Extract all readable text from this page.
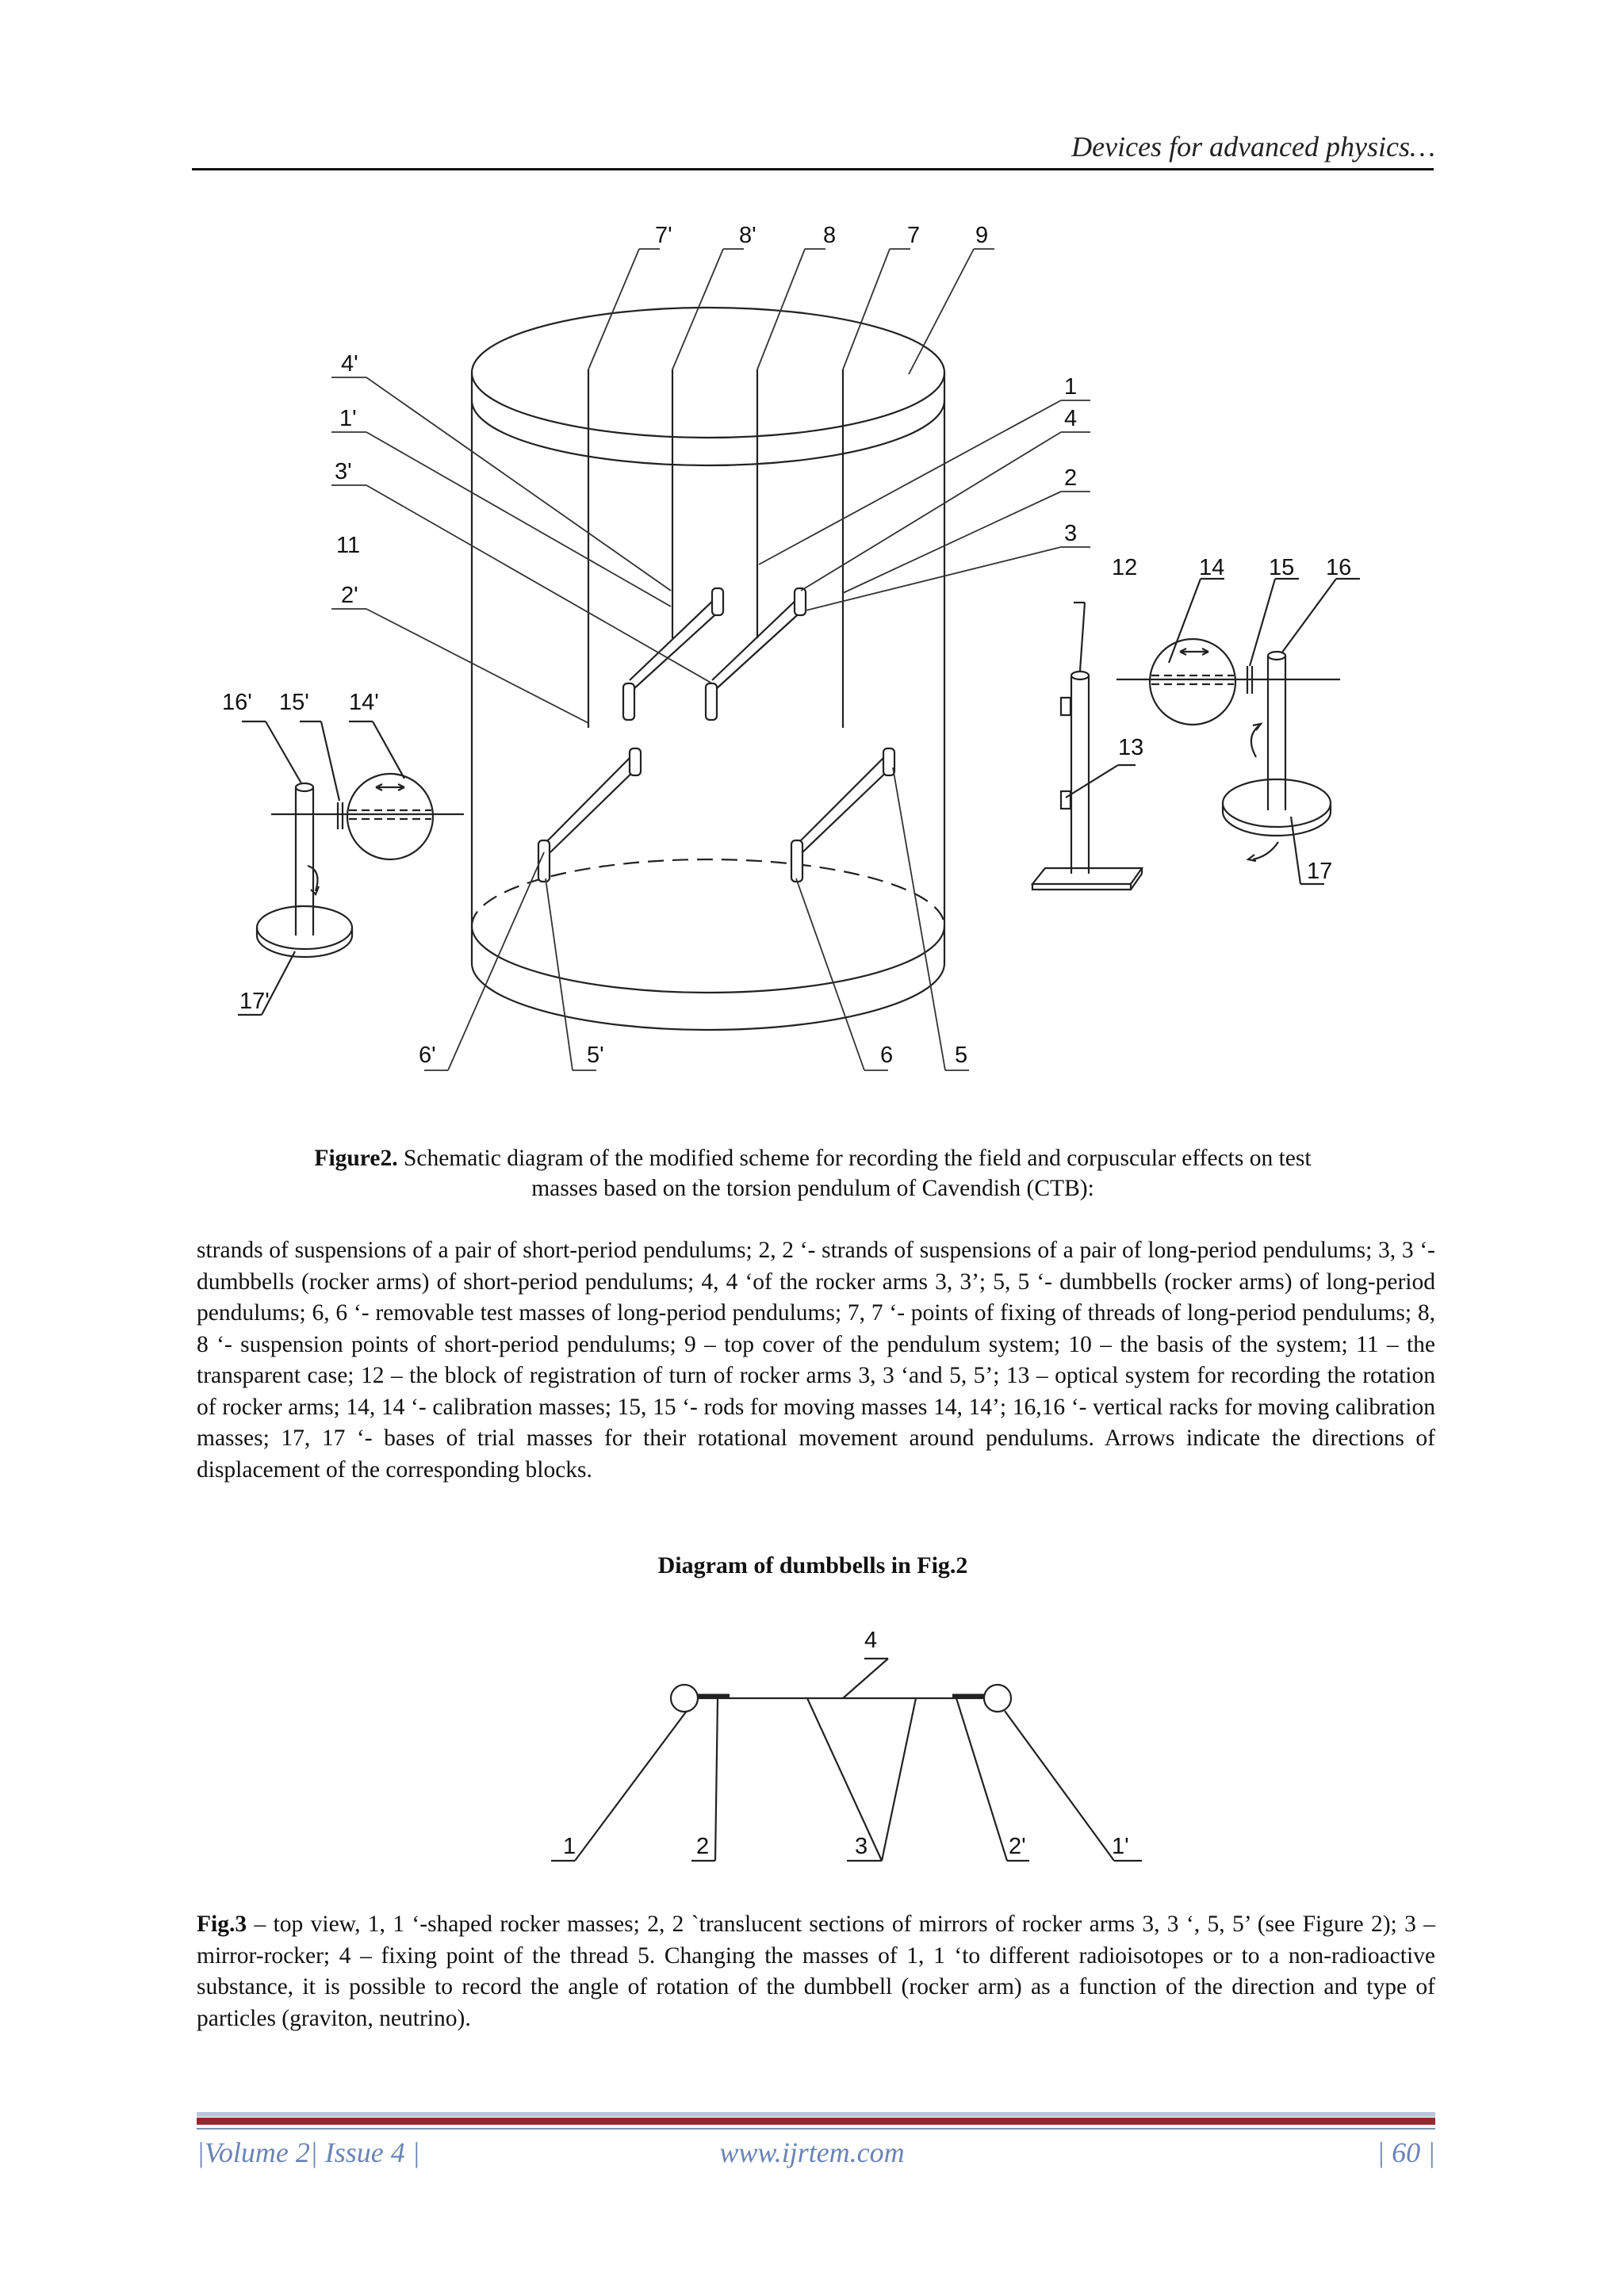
Devices for advanced physics…
7'	8'	8	7 9
4'
1'
3'
11
2'
1
4
2
3
12	14 15 16
13
17
16' 15' 14'
17'
6'	5'	6	5
Figure2. Schematic diagram of the modified scheme for recording the field and corpuscular effects on test
masses based on the torsion pendulum of Cavendish (CTB):
strands of suspensions of a pair of short-period pendulums; 2, 2 ‘- strands of suspensions of a pair of long-period pendulums; 3, 3 ‘- dumbbells (rocker arms) of short-period pendulums; 4, 4 ‘of the rocker arms 3, 3’; 5, 5 ‘- dumbbells (rocker arms) of long-period pendulums; 6, 6 ‘- removable test masses of long-period pendulums; 7, 7 ‘- points of fixing of threads of long-period pendulums; 8, 8 ‘- suspension points of short-period pendulums; 9 – top cover of the pendulum system; 10 – the basis of the system; 11 – the transparent case; 12 – the block of registration of turn of rocker arms 3, 3 ‘and 5, 5’; 13 – optical system for recording the rotation of rocker arms; 14, 14 ‘- calibration masses; 15, 15 ‘- rods for moving masses 14, 14’; 16,16 ‘- vertical racks for moving calibration masses; 17, 17 ‘- bases of trial masses for their rotational movement around pendulums. Arrows indicate the directions of displacement of the corresponding blocks.
Diagram of dumbbells in Fig.2
4
1	2	3	2'	1'
Fig.3 – top view, 1, 1 ‘-shaped rocker masses; 2, 2 `translucent sections of mirrors of rocker arms 3, 3 ‘, 5, 5’ (see Figure 2); 3 – mirror-rocker; 4 – fixing point of the thread 5. Changing the masses of 1, 1 ‘to different radioisotopes or to a non-radioactive substance, it is possible to record the angle of rotation of the dumbbell (rocker arm) as a function of the direction and type of particles (graviton, neutrino).
|Volume 2| Issue 4 |	www.ijrtem.com	| 60 |
